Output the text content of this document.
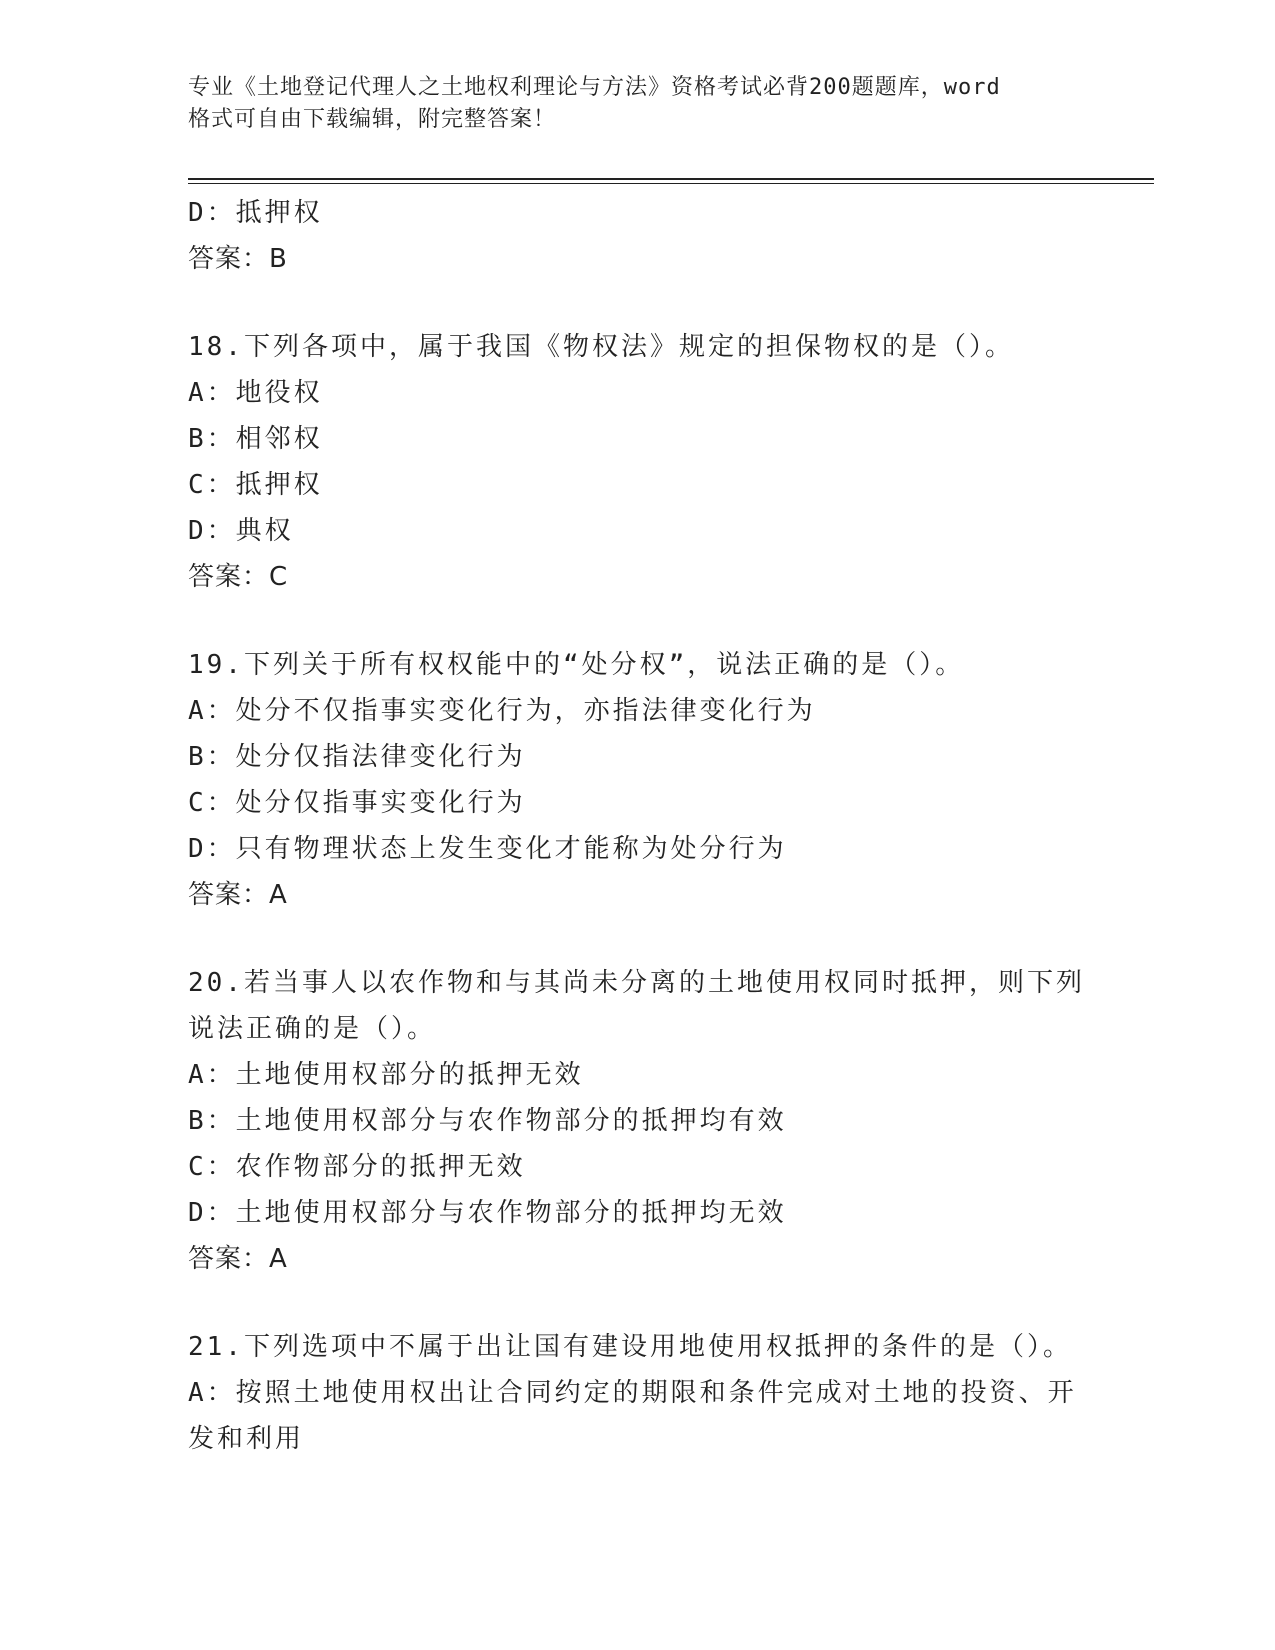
专业《土地登记代理人之土地权利理论与方法》资格考试必背200题题库，word
格式可自由下载编辑，附完整答案！
D：抵押权
答案：B
18.下列各项中，属于我国《物权法》规定的担保物权的是（）。
A：地役权
B：相邻权
C：抵押权
D：典权
答案：C
19.下列关于所有权权能中的“处分权”，说法正确的是（）。
A：处分不仅指事实变化行为，亦指法律变化行为
B：处分仅指法律变化行为
C：处分仅指事实变化行为
D：只有物理状态上发生变化才能称为处分行为
答案：A
20.若当事人以农作物和与其尚未分离的土地使用权同时抵押，则下列
说法正确的是（）。
A：土地使用权部分的抵押无效
B：土地使用权部分与农作物部分的抵押均有效
C：农作物部分的抵押无效
D：土地使用权部分与农作物部分的抵押均无效
答案：A
21.下列选项中不属于出让国有建设用地使用权抵押的条件的是（）。
A：按照土地使用权出让合同约定的期限和条件完成对土地的投资、开
发和利用
